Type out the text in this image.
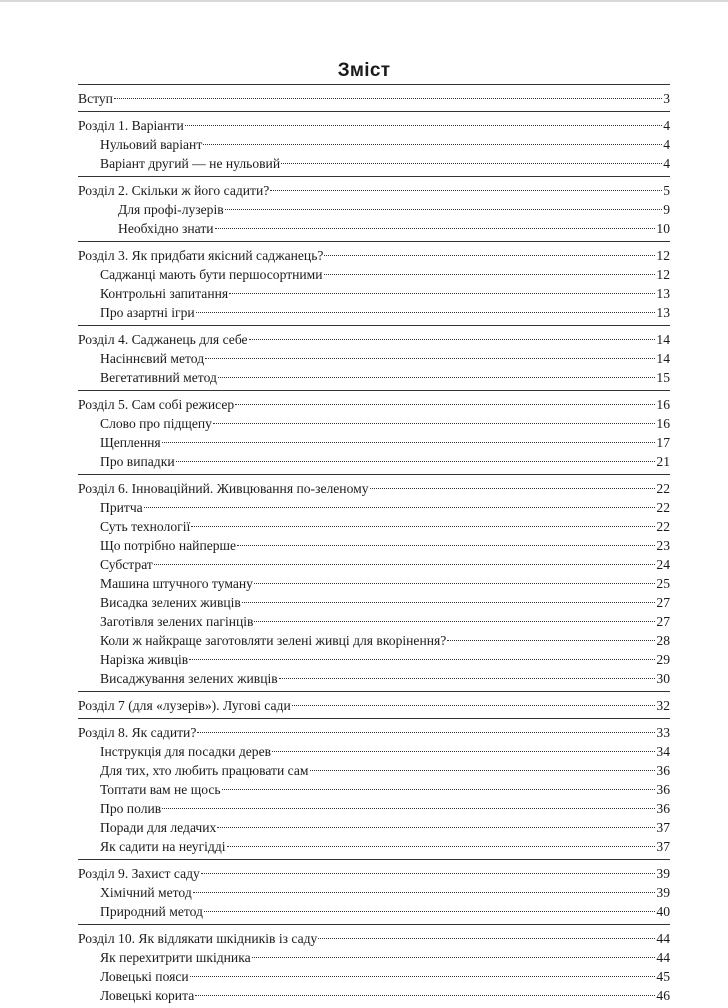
Зміст
Вступ	3
Розділ 1. Варіанти	4
Нульовий варіант	4
Варіант другий — не нульовий	4
Розділ 2. Скільки ж його садити?	5
Для профі-лузерів	9
Необхідно знати	10
Розділ 3. Як придбати якісний саджанець?	12
Саджанці мають бути першосортними	12
Контрольні запитання	13
Про азартні ігри	13
Розділ 4. Саджанець для себе	14
Насіннєвий метод	14
Вегетативний метод	15
Розділ 5. Сам собі режисер	16
Слово про підщепу	16
Щеплення	17
Про випадки	21
Розділ 6. Інноваційний. Живцювання по-зеленому	22
Притча	22
Суть технології	22
Що потрібно найперше	23
Субстрат	24
Машина штучного туману	25
Висадка зелених живців	27
Заготівля зелених пагінців	27
Коли ж найкраще заготовляти зелені живці для вкорінення?	28
Нарізка живців	29
Висаджування зелених живців	30
Розділ 7 (для «лузерів»). Лугові сади	32
Розділ 8. Як садити?	33
Інструкція для посадки дерев	34
Для тих, хто любить працювати сам	36
Топтати вам не щось	36
Про полив	36
Поради для ледачих	37
Як садити на неугідді	37
Розділ 9. Захист саду	39
Хімічний метод	39
Природний метод	40
Розділ 10. Як відлякати шкідників із саду	44
Як перехитрити шкідника	44
Ловецькі пояси	45
Ловецькі корита	46
